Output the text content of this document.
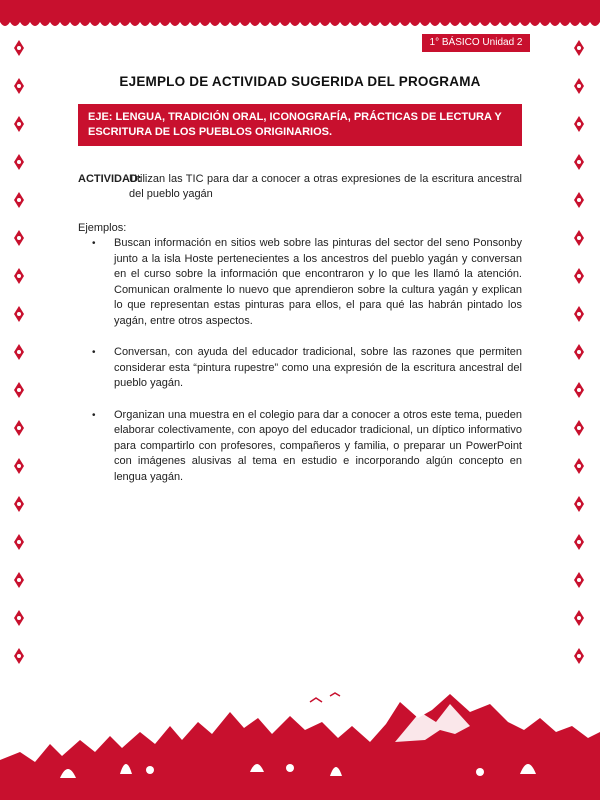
1° BÁSICO Unidad 2
EJEMPLO DE ACTIVIDAD SUGERIDA DEL PROGRAMA
EJE: LENGUA, TRADICIÓN ORAL, ICONOGRAFÍA, PRÁCTICAS DE LECTURA Y ESCRITURA DE LOS PUEBLOS ORIGINARIOS.
ACTIVIDAD:
Utilizan las TIC para dar a conocer a otras expresiones de la escritura ancestral del pueblo yagán
Ejemplos:
• Buscan información en sitios web sobre las pinturas del sector del seno Ponsonby junto a la isla Hoste pertenecientes a los ancestros del pueblo yagán y conversan en el curso sobre la información que encontraron y lo que les llamó la atención. Comunican oralmente lo nuevo que aprendieron sobre la cultura yagán y explican lo que representan estas pinturas para ellos, el para qué las habrán pintado los yagán, entre otros aspectos.
• Conversan, con ayuda del educador tradicional, sobre las razones que permiten considerar esta “pintura rupestre” como una expresión de la escritura ancestral del pueblo yagán.
• Organizan una muestra en el colegio para dar a conocer a otros este tema, pueden elaborar colectivamente, con apoyo del educador tradicional, un díptico informativo para compartirlo con profesores, compañeros y familia, o preparar un PowerPoint con imágenes alusivas al tema en estudio e incorporando algún concepto en lengua yagán.
